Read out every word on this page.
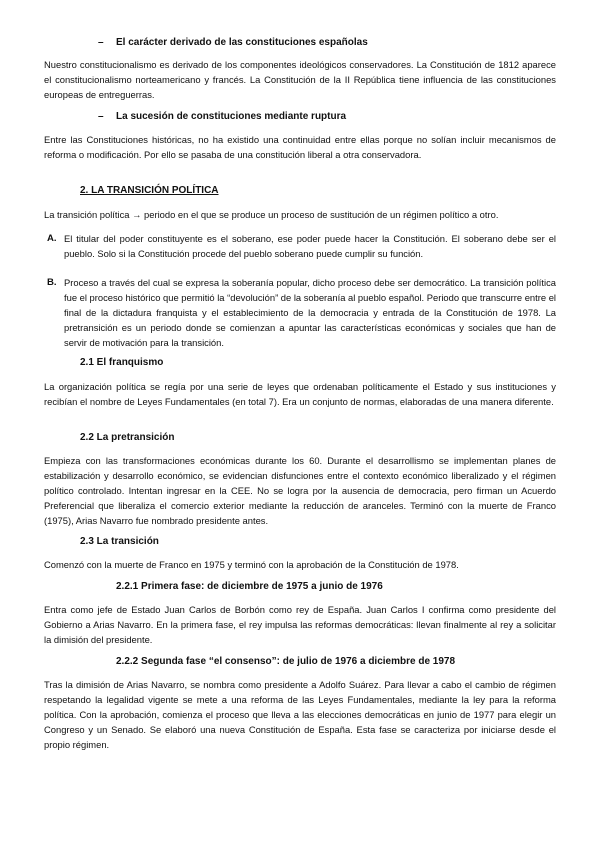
– El carácter derivado de las constituciones españolas

Nuestro constitucionalismo es derivado de los componentes ideológicos conservadores. La Constitución de 1812 aparece el constitucionalismo norteamericano y francés. La Constitución de la II República tiene influencia de las constituciones europeas de entreguerras.

– La sucesión de constituciones mediante ruptura

Entre las Constituciones históricas, no ha existido una continuidad entre ellas porque no solían incluir mecanismos de reforma o modificación. Por ello se pasaba de una constitución liberal a otra conservadora.

2. LA TRANSICIÓN POLÍTICA

La transición política → periodo en el que se produce un proceso de sustitución de un régimen político a otro.

A. El titular del poder constituyente es el soberano, ese poder puede hacer la Constitución. El soberano debe ser el pueblo. Solo si la Constitución procede del pueblo soberano puede cumplir su función.

B. Proceso a través del cual se expresa la soberanía popular, dicho proceso debe ser democrático. La transición política fue el proceso histórico que permitió la “devolución” de la soberanía al pueblo español. Periodo que transcurre entre el final de la dictadura franquista y el establecimiento de la democracia y entrada de la Constitución de 1978. La pretransición es un periodo donde se comienzan a apuntar las características económicas y sociales que han de servir de motivación para la transición.

2.1 El franquismo

La organización política se regía por una serie de leyes que ordenaban políticamente el Estado y sus instituciones y recibían el nombre de Leyes Fundamentales (en total 7). Era un conjunto de normas, elaboradas de una manera diferente.

2.2 La pretransición

Empieza con las transformaciones económicas durante los 60. Durante el desarrollismo se implementan planes de estabilización y desarrollo económico, se evidencian disfunciones entre el contexto económico liberalizado y el régimen político controlado. Intentan ingresar en la CEE. No se logra por la ausencia de democracia, pero firman un Acuerdo Preferencial que liberaliza el comercio exterior mediante la reducción de aranceles. Terminó con la muerte de Franco (1975), Arias Navarro fue nombrado presidente antes.

2.3 La transición

Comenzó con la muerte de Franco en 1975 y terminó con la aprobación de la Constitución de 1978.

2.2.1 Primera fase: de diciembre de 1975 a junio de 1976

Entra como jefe de Estado Juan Carlos de Borbón como rey de España. Juan Carlos I confirma como presidente del Gobierno a Arias Navarro. En la primera fase, el rey impulsa las reformas democráticas: llevan finalmente al rey a solicitar la dimisión del presidente.

2.2.2 Segunda fase “el consenso”: de julio de 1976 a diciembre de 1978

Tras la dimisión de Arias Navarro, se nombra como presidente a Adolfo Suárez. Para llevar a cabo el cambio de régimen respetando la legalidad vigente se mete a una reforma de las Leyes Fundamentales, mediante la ley para la reforma política. Con la aprobación, comienza el proceso que lleva a las elecciones democráticas en junio de 1977 para elegir un Congreso y un Senado. Se elaboró una nueva Constitución de España. Esta fase se caracteriza por iniciarse desde el propio régimen.
